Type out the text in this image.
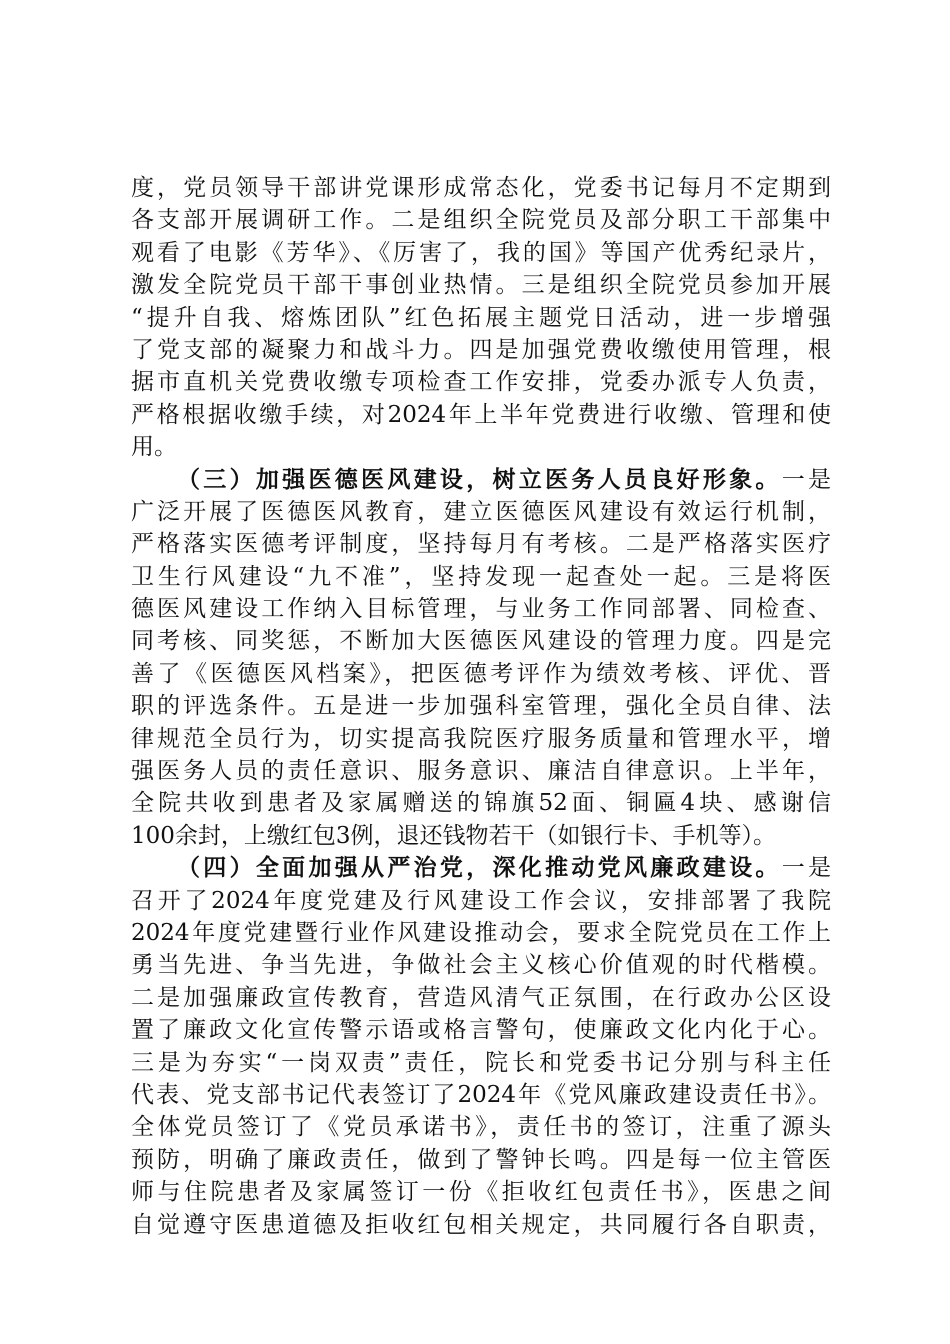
度，党员领导干部讲党课形成常态化，党委书记每月不定期到
各支部开展调研工作。二是组织全院党员及部分职工干部集中
观看了电影《芳华》、《厉害了，我的国》等国产优秀纪录片，
激发全院党员干部干事创业热情。三是组织全院党员参加开展
“提升自我、熔炼团队”红色拓展主题党日活动，进一步增强
了党支部的凝聚力和战斗力。四是加强党费收缴使用管理，根
据市直机关党费收缴专项检查工作安排，党委办派专人负责，
严格根据收缴手续，对2024年上半年党费进行收缴、管理和使
用。
（三）加强医德医风建设，树立医务人员良好形象。一是
广泛开展了医德医风教育，建立医德医风建设有效运行机制，
严格落实医德考评制度，坚持每月有考核。二是严格落实医疗
卫生行风建设“九不准”，坚持发现一起查处一起。三是将医
德医风建设工作纳入目标管理，与业务工作同部署、同检查、
同考核、同奖惩，不断加大医德医风建设的管理力度。四是完
善了《医德医风档案》，把医德考评作为绩效考核、评优、晋
职的评选条件。五是进一步加强科室管理，强化全员自律、法
律规范全员行为，切实提高我院医疗服务质量和管理水平，增
强医务人员的责任意识、服务意识、廉洁自律意识。上半年，
全院共收到患者及家属赠送的锦旗52面、铜匾4块、感谢信
100余封，上缴红包3例，退还钱物若干（如银行卡、手机等）。
（四）全面加强从严治党，深化推动党风廉政建设。一是
召开了2024年度党建及行风建设工作会议，安排部署了我院
2024年度党建暨行业作风建设推动会，要求全院党员在工作上
勇当先进、争当先进，争做社会主义核心价值观的时代楷模。
二是加强廉政宣传教育，营造风清气正氛围，在行政办公区设
置了廉政文化宣传警示语或格言警句，使廉政文化内化于心。
三是为夯实“一岗双责”责任，院长和党委书记分别与科主任
代表、党支部书记代表签订了2024年《党风廉政建设责任书》。
全体党员签订了《党员承诺书》，责任书的签订，注重了源头
预防，明确了廉政责任，做到了警钟长鸣。四是每一位主管医
师与住院患者及家属签订一份《拒收红包责任书》，医患之间
自觉遵守医患道德及拒收红包相关规定，共同履行各自职责，
